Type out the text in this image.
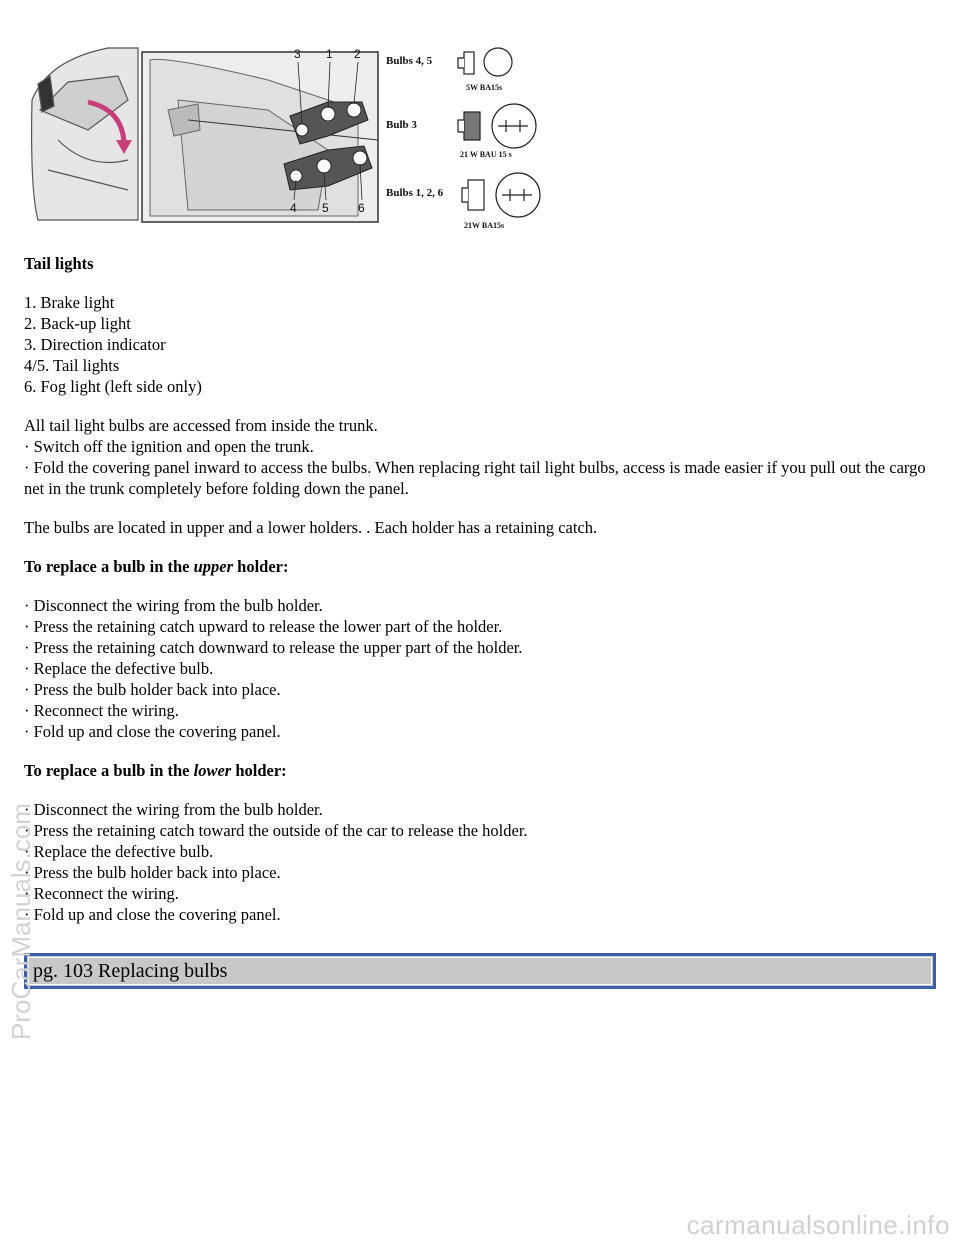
3 1 2
4 5 6
Bulbs 4, 5
Bulb 3
Bulbs 1, 2, 6
5W BA15s
21 W BAU 15 s
21W BA15s

Tail lights

1. Brake light
2. Back-up light
3. Direction indicator
4/5. Tail lights
6. Fog light (left side only)
All tail light bulbs are accessed from inside the trunk.
· Switch off the ignition and open the trunk.
· Fold the covering panel inward to access the bulbs. When replacing right tail light bulbs, access is made easier if you pull out the cargo net in the trunk completely before folding down the panel.

The bulbs are located in upper and a lower holders. . Each holder has a retaining catch.

To replace a bulb in the upper holder:

· Disconnect the wiring from the bulb holder.
· Press the retaining catch upward to release the lower part of the holder.
· Press the retaining catch downward to release the upper part of the holder.
· Replace the defective bulb.
· Press the bulb holder back into place.
· Reconnect the wiring.
· Fold up and close the covering panel.

To replace a bulb in the lower holder:

· Disconnect the wiring from the bulb holder.
· Press the retaining catch toward the outside of the car to release the holder.
· Replace the defective bulb.
· Press the bulb holder back into place.
· Reconnect the wiring.
· Fold up and close the covering panel.
pg. 103 Replacing bulbs
ProCarManuals.com
carmanualsonline.info
